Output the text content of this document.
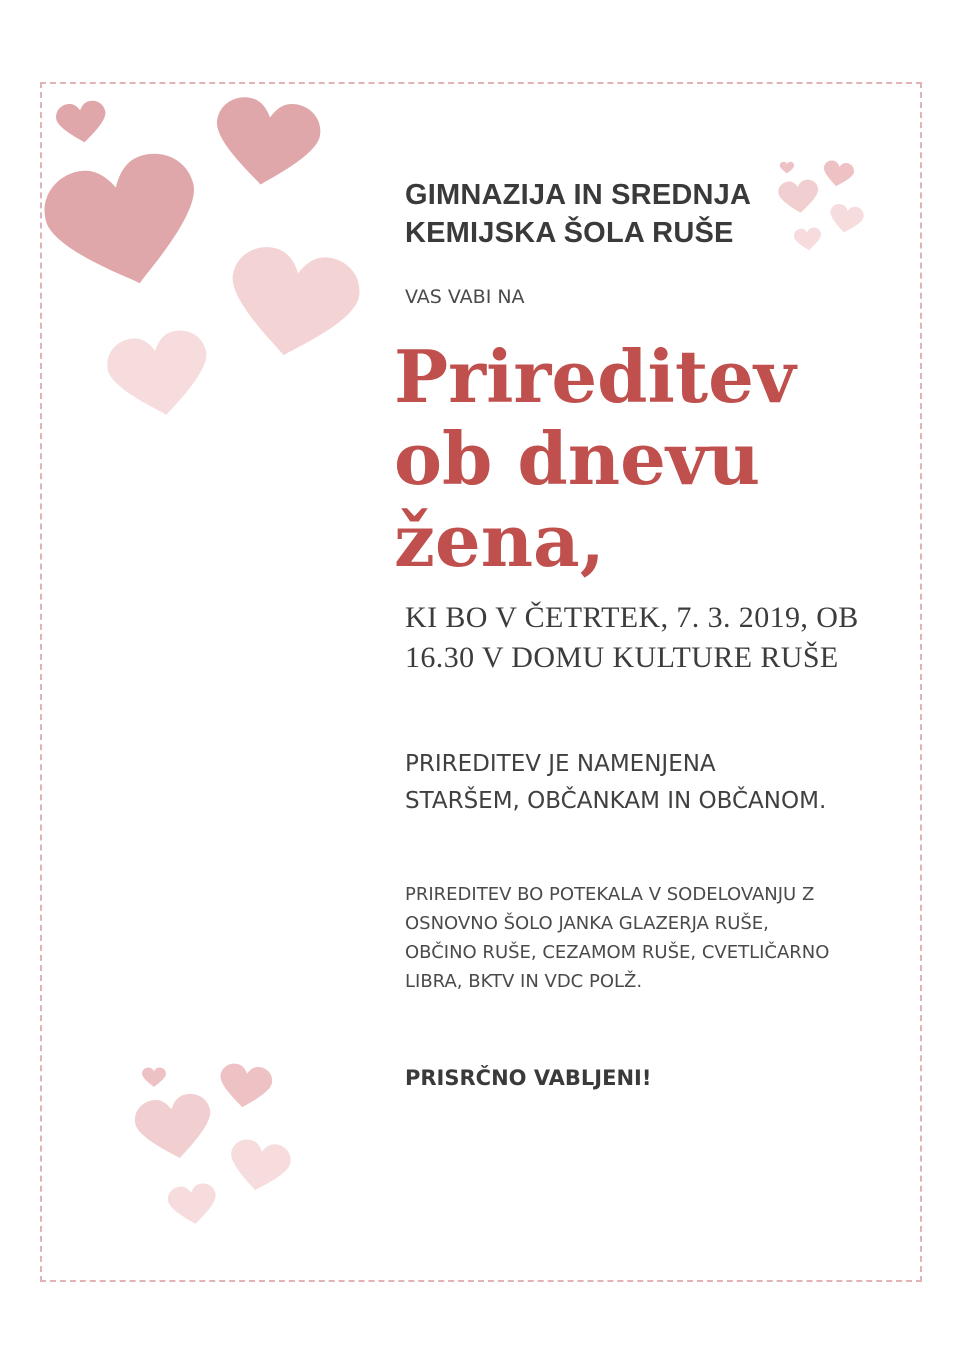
GIMNAZIJA IN SREDNJA
KEMIJSKA ŠOLA RUŠE

VAS VABI NA

Prireditev
ob dnevu
žena,

KI BO V ČETRTEK, 7. 3. 2019, OB
16.30 V DOMU KULTURE RUŠE

PRIREDITEV JE NAMENJENA
STARŠEM, OBČANKAM IN OBČANOM.

PRIREDITEV BO POTEKALA V SODELOVANJU Z
OSNOVNO ŠOLO JANKA GLAZERJA RUŠE,
OBČINO RUŠE, CEZAMOM RUŠE, CVETLIČARNO
LIBRA, BKTV IN VDC POLŽ.

PRISRČNO VABLJENI!
